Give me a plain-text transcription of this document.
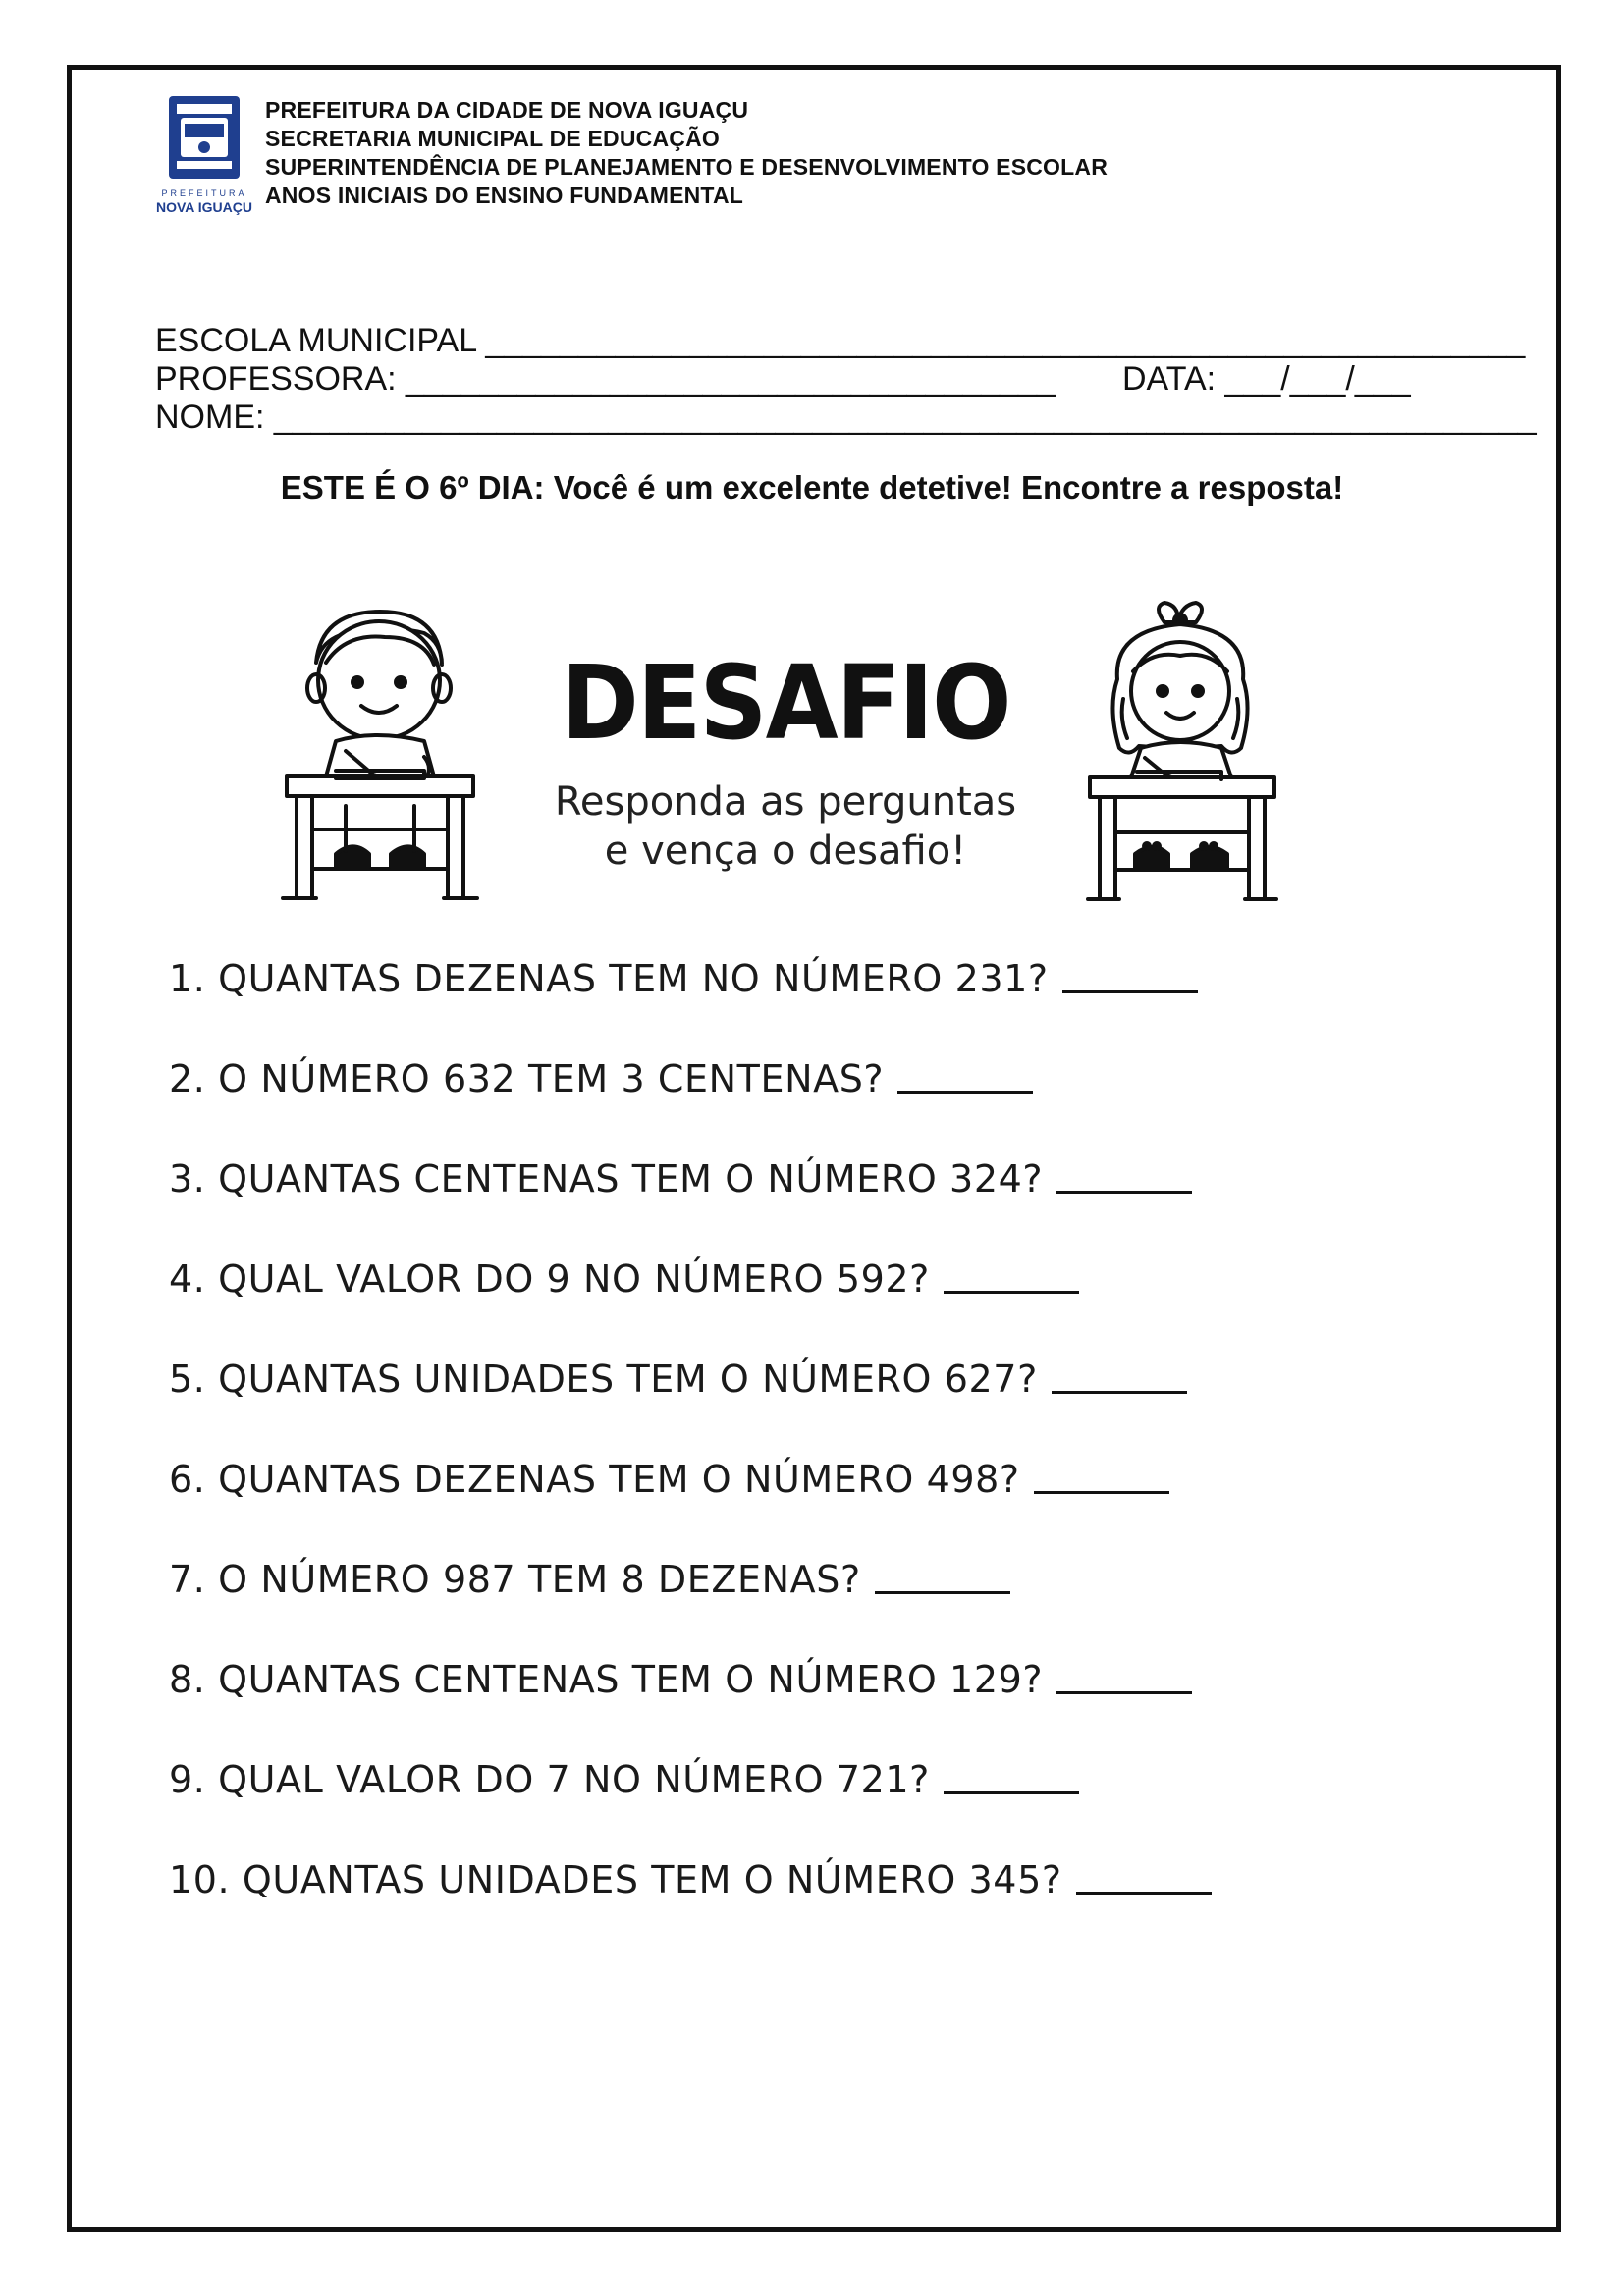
PREFEITURA
NOVA IGUAÇU
PREFEITURA DA CIDADE DE NOVA IGUAÇU
SECRETARIA MUNICIPAL DE EDUCAÇÃO
SUPERINTENDÊNCIA DE PLANEJAMENTO E DESENVOLVIMENTO ESCOLAR
ANOS INICIAIS DO ENSINO FUNDAMENTAL
ESCOLA MUNICIPAL ________________________________________________________
PROFESSORA: ___________________________________ DATA: ___/___/___
NOME: ____________________________________________________________________
ESTE É O 6º DIA: Você é um excelente detetive! Encontre a resposta!
DESAFIO
Responda as perguntas
e vença o desafio!
1. QUANTAS DEZENAS TEM NO NÚMERO 231?
2. O NÚMERO 632 TEM 3 CENTENAS?
3. QUANTAS CENTENAS TEM O NÚMERO 324?
4. QUAL VALOR DO 9 NO NÚMERO 592?
5. QUANTAS UNIDADES TEM O NÚMERO 627?
6. QUANTAS DEZENAS TEM O NÚMERO 498?
7. O NÚMERO 987 TEM 8 DEZENAS?
8. QUANTAS CENTENAS TEM O NÚMERO 129?
9. QUAL VALOR DO 7 NO NÚMERO 721?
10. QUANTAS UNIDADES TEM O NÚMERO 345?
